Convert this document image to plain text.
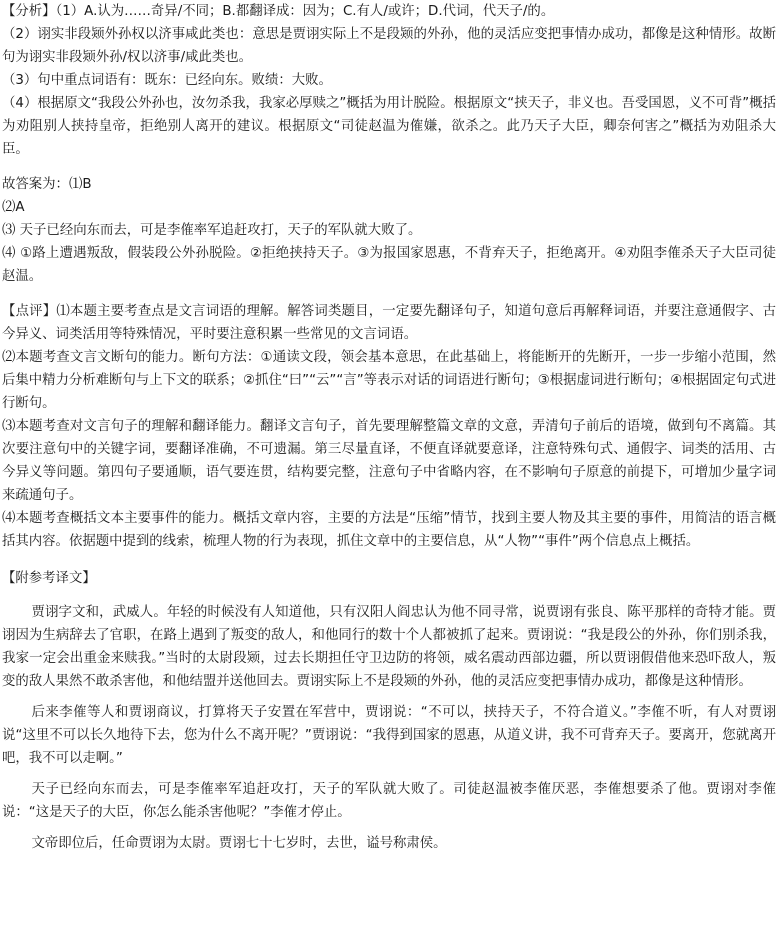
【分析】（1）A.认为……奇异/不同；B.都翻译成：因为；C.有人/或许；D.代词，代天子/的。

（2）诩实非段颎外孙权以济事咸此类也：意思是贾诩实际上不是段颎的外孙，他的灵活应变把事情办成功，都像是这种情形。故断句为诩实非段颎外孙/权以济事/咸此类也。

（3）句中重点词语有：既东：已经向东。败绩：大败。

（4）根据原文“我段公外孙也，汝勿杀我，我家必厚赎之”概括为用计脱险。根据原文“挟天子，非义也。吾受国恩，义不可背”概括为劝阻别人挟持皇帝，拒绝别人离开的建议。根据原文“司徒赵温为傕嫌，欲杀之。此乃天子大臣，卿奈何害之”概括为劝阻杀大臣。

故答案为：⑴B

⑵A

⑶ 天子已经向东而去，可是李傕率军追赶攻打，天子的军队就大败了。

⑷ ①路上遭遇叛敌，假装段公外孙脱险。②拒绝挟持天子。③为报国家恩惠，不背弃天子，拒绝离开。④劝阻李傕杀天子大臣司徒赵温。

【点评】⑴本题主要考查点是文言词语的理解。解答词类题目，一定要先翻译句子，知道句意后再解释词语，并要注意通假字、古今异义、词类活用等特殊情况，平时要注意积累一些常见的文言词语。

⑵本题考查文言文断句的能力。断句方法：①通读文段，领会基本意思，在此基础上，将能断开的先断开，一步一步缩小范围，然后集中精力分析难断句与上下文的联系；②抓住“曰”“云”“言”等表示对话的词语进行断句；③根据虚词进行断句；④根据固定句式进行断句。

⑶本题考查对文言句子的理解和翻译能力。翻译文言句子，首先要理解整篇文章的文意，弄清句子前后的语境，做到句不离篇。其次要注意句中的关键字词，要翻译准确，不可遗漏。第三尽量直译，不便直译就要意译，注意特殊句式、通假字、词类的活用、古今异义等问题。第四句子要通顺，语气要连贯，结构要完整，注意句子中省略内容，在不影响句子原意的前提下，可增加少量字词来疏通句子。

⑷本题考查概括文本主要事件的能力。概括文章内容，主要的方法是“压缩”情节，找到主要人物及其主要的事件，用简洁的语言概括其内容。依据题中提到的线索，梳理人物的行为表现，抓住文章中的主要信息，从“人物”“事件”两个信息点上概括。

【附参考译文】

贾诩字文和，武威人。年轻的时候没有人知道他，只有汉阳人阎忠认为他不同寻常，说贾诩有张良、陈平那样的奇特才能。贾诩因为生病辞去了官职，在路上遇到了叛变的敌人，和他同行的数十个人都被抓了起来。贾诩说：“我是段公的外孙，你们别杀我，我家一定会出重金来赎我。”当时的太尉段颎，过去长期担任守卫边防的将领，威名震动西部边疆，所以贾诩假借他来恐吓敌人，叛变的敌人果然不敢杀害他，和他结盟并送他回去。贾诩实际上不是段颎的外孙，他的灵活应变把事情办成功，都像是这种情形。

后来李傕等人和贾诩商议，打算将天子安置在军营中，贾诩说：“不可以，挟持天子，不符合道义。”李傕不听，有人对贾诩说“这里不可以长久地待下去，您为什么不离开呢？”贾诩说：“我得到国家的恩惠，从道义讲，我不可背弃天子。要离开，您就离开吧，我不可以走啊。”

天子已经向东而去，可是李傕率军追赶攻打，天子的军队就大败了。司徒赵温被李傕厌恶，李傕想要杀了他。贾诩对李傕说：“这是天子的大臣，你怎么能杀害他呢？”李傕才停止。

文帝即位后，任命贾诩为太尉。贾诩七十七岁时，去世，谥号称肃侯。
